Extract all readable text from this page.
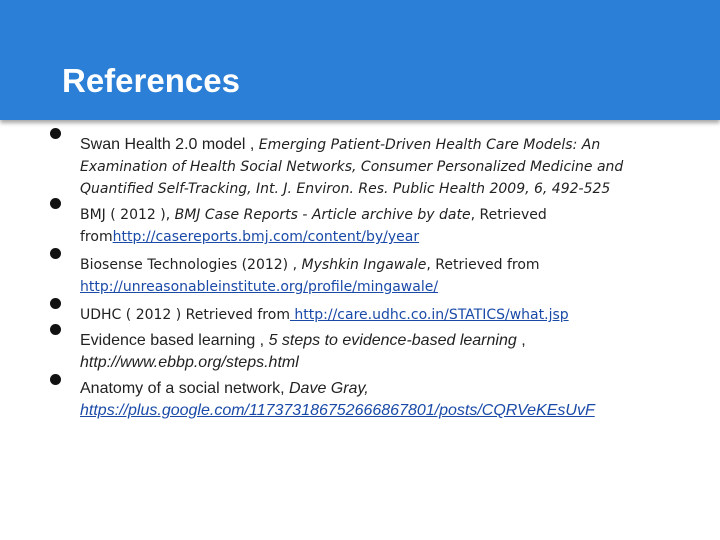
References
Swan Health 2.0 model , Emerging Patient-Driven Health Care Models: An Examination of Health Social Networks, Consumer Personalized Medicine and Quantified Self-Tracking, Int. J. Environ. Res. Public Health 2009, 6, 492-525
BMJ ( 2012 ), BMJ Case Reports - Article archive by date, Retrieved fromhttp://casereports.bmj.com/content/by/year
Biosense Technologies (2012) , Myshkin Ingawale, Retrieved from http://unreasonableinstitute.org/profile/mingawale/
UDHC ( 2012 ) Retrieved from http://care.udhc.co.in/STATICS/what.jsp
Evidence based learning , 5 steps to evidence-based learning ,
http://www.ebbp.org/steps.html
Anatomy of a social network, Dave Gray,
https://plus.google.com/117373186752666867801/posts/CQRVeKEsUvF
